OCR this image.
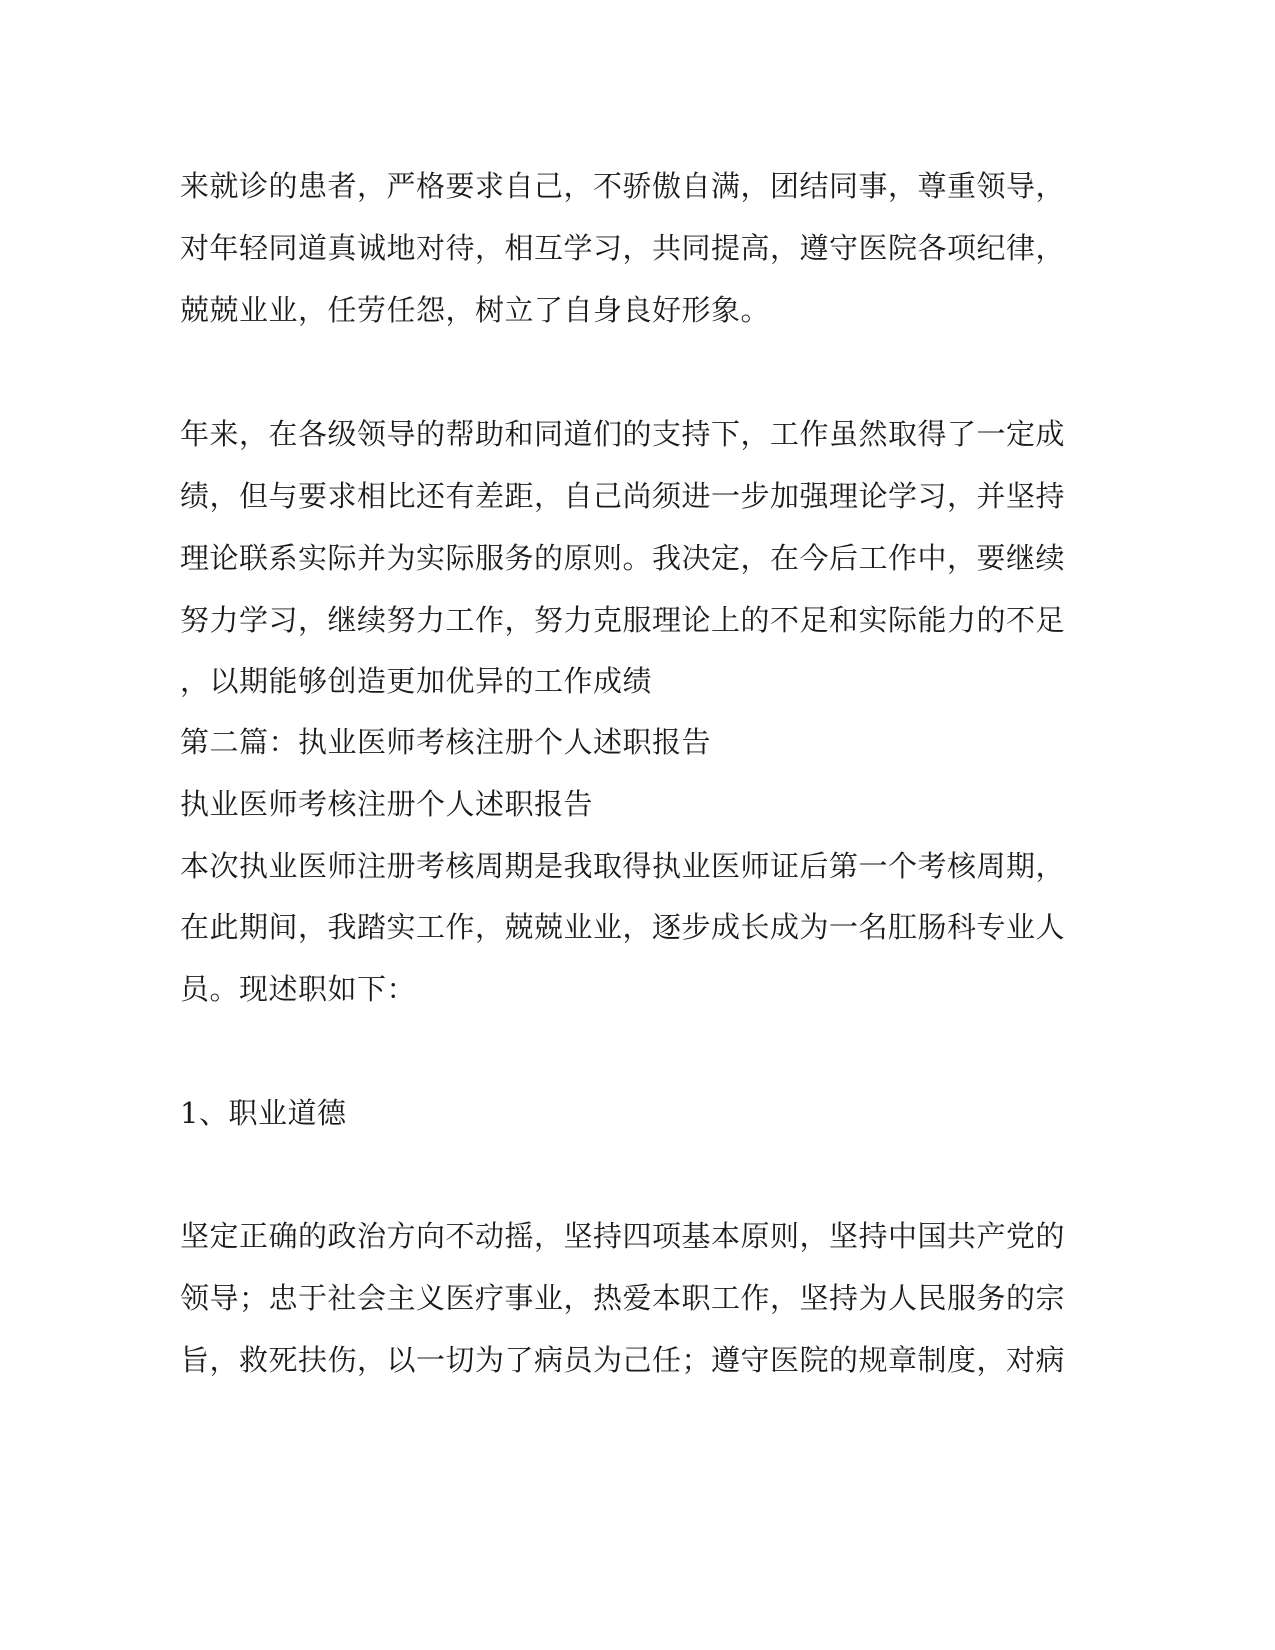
来就诊的患者，严格要求自己，不骄傲自满，团结同事，尊重领导，
对年轻同道真诚地对待，相互学习，共同提高，遵守医院各项纪律，
兢兢业业，任劳任怨，树立了自身良好形象。
年来，在各级领导的帮助和同道们的支持下，工作虽然取得了一定成
绩，但与要求相比还有差距，自己尚须进一步加强理论学习，并坚持
理论联系实际并为实际服务的原则。我决定，在今后工作中，要继续
努力学习，继续努力工作，努力克服理论上的不足和实际能力的不足
，以期能够创造更加优异的工作成绩
第二篇：执业医师考核注册个人述职报告
执业医师考核注册个人述职报告
本次执业医师注册考核周期是我取得执业医师证后第一个考核周期，
在此期间，我踏实工作，兢兢业业，逐步成长成为一名肛肠科专业人
员。现述职如下：
1、职业道德
坚定正确的政治方向不动摇，坚持四项基本原则，坚持中国共产党的
领导；忠于社会主义医疗事业，热爱本职工作，坚持为人民服务的宗
旨，救死扶伤，以一切为了病员为己任；遵守医院的规章制度，对病
